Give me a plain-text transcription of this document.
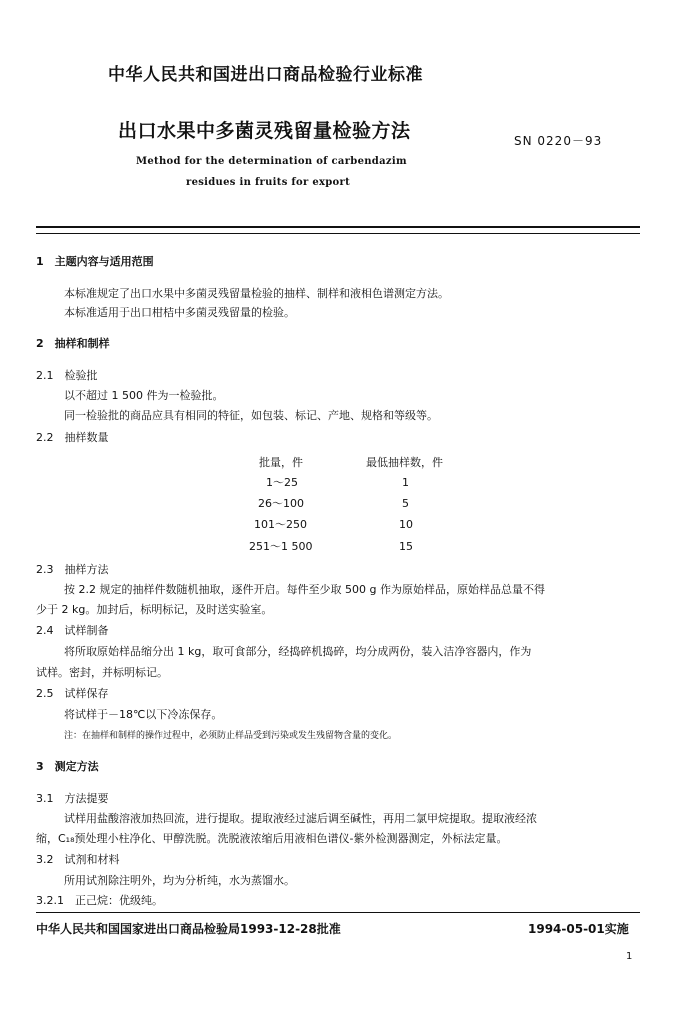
中华人民共和国进出口商品检验行业标准
出口水果中多菌灵残留量检验方法	SN 0220－93
Method for the determination of carbendazim
residues in fruits for export
1　主题内容与适用范围
本标准规定了出口水果中多菌灵残留量检验的抽样、制样和液相色谱测定方法。
本标准适用于出口柑桔中多菌灵残留量的检验。
2　抽样和制样
2.1　检验批
以不超过 1 500 件为一检验批。
同一检验批的商品应具有相同的特征，如包装、标记、产地、规格和等级等。
2.2　抽样数量
批量，件	最低抽样数，件
1～25	1
26～100	5
101～250	10
251～1 500	15
2.3　抽样方法
按 2.2 规定的抽样件数随机抽取，逐件开启。每件至少取 500 g 作为原始样品，原始样品总量不得
少于 2 kg。加封后，标明标记，及时送实验室。
2.4　试样制备
将所取原始样品缩分出 1 kg，取可食部分，经捣碎机捣碎，均分成两份，装入洁净容器内，作为
试样。密封，并标明标记。
2.5　试样保存
将试样于－18℃以下冷冻保存。
注：在抽样和制样的操作过程中，必须防止样品受到污染或发生残留物含量的变化。
3　测定方法
3.1　方法提要
试样用盐酸溶液加热回流，进行提取。提取液经过滤后调至碱性，再用二氯甲烷提取。提取液经浓
缩，C₁₈预处理小柱净化、甲醇洗脱。洗脱液浓缩后用液相色谱仪-紫外检测器测定，外标法定量。
3.2　试剂和材料
所用试剂除注明外，均为分析纯，水为蒸馏水。
3.2.1　正己烷：优级纯。
中华人民共和国国家进出口商品检验局1993-12-28批准	1994-05-01实施
1
